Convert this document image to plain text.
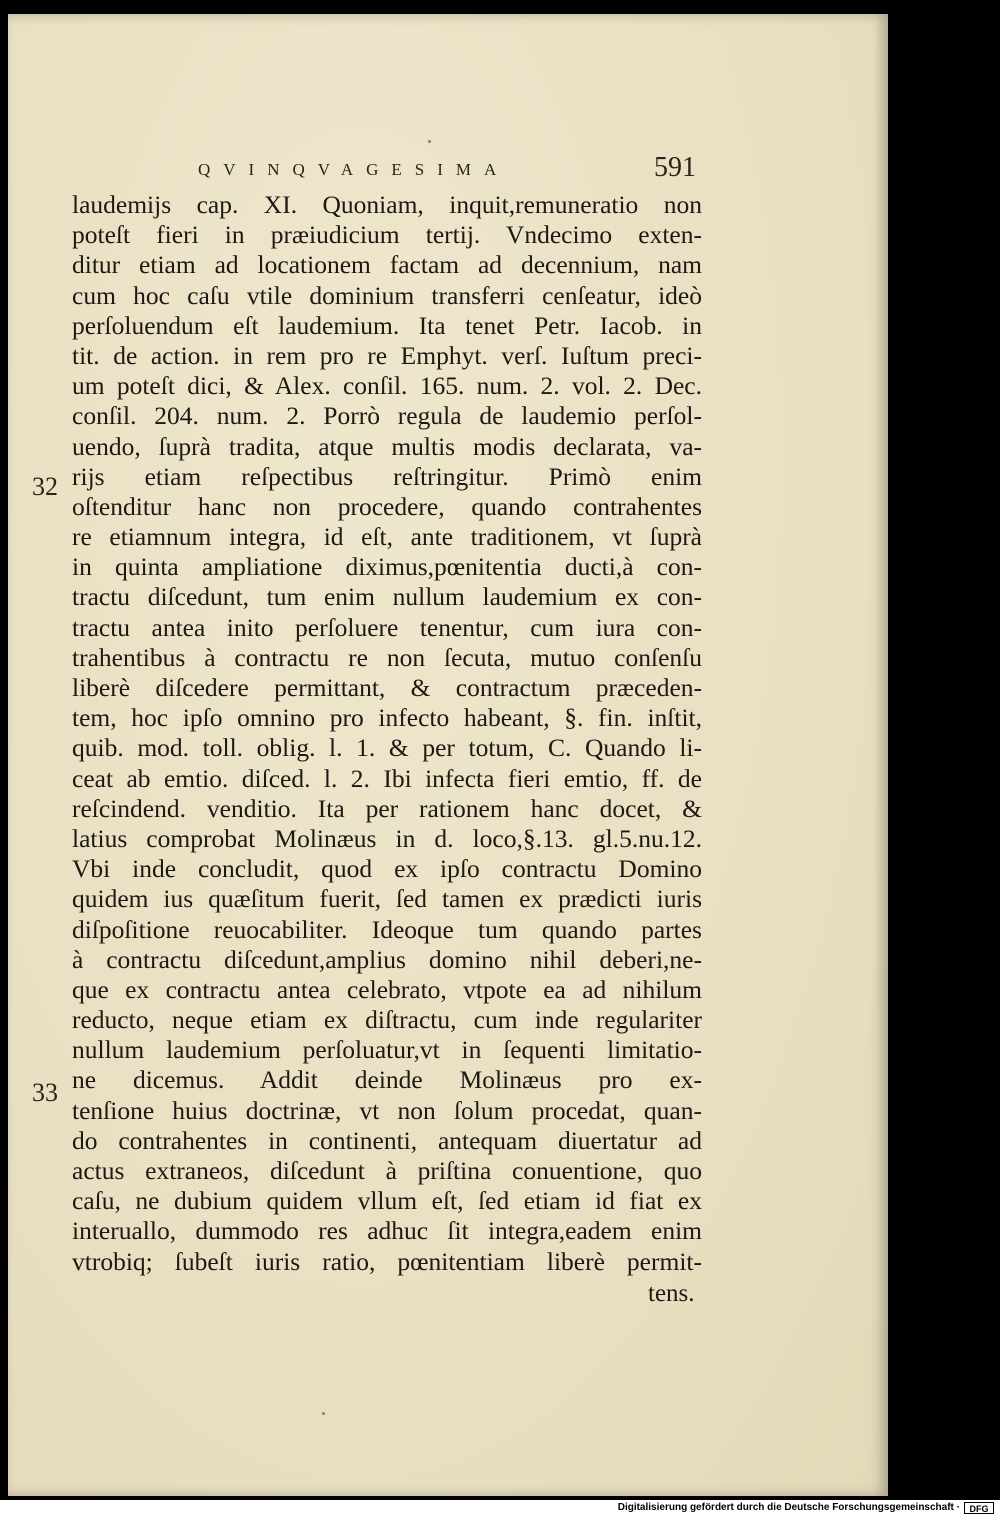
QVINQVAGESIMA	591
laudemijs cap. XI. Quoniam, inquit,remuneratio non
poteſt fieri in præiudicium tertij. Vndecimo exten-
ditur etiam ad locationem factam ad decennium, nam
cum hoc caſu vtile dominium transferri cenſeatur, ideò
perſoluendum eſt laudemium. Ita tenet Petr. Iacob. in
tit. de action. in rem pro re Emphyt. verſ. Iuſtum preci-
um poteſt dici, & Alex. conſil. 165. num. 2. vol. 2. Dec.
conſil. 204. num. 2. Porrò regula de laudemio perſol-
uendo, ſuprà tradita, atque multis modis declarata, va-
rijs etiam reſpectibus reſtringitur. Primò enim
oſtenditur hanc non procedere, quando contrahentes
re etiamnum integra, id eſt, ante traditionem, vt ſuprà
in quinta ampliatione diximus,pœnitentia ducti,à con-
tractu diſcedunt, tum enim nullum laudemium ex con-
tractu antea inito perſoluere tenentur, cum iura con-
trahentibus à contractu re non ſecuta, mutuo conſenſu
liberè diſcedere permittant, & contractum præceden-
tem, hoc ipſo omnino pro infecto habeant, §. fin. inſtit,
quib. mod. toll. oblig. l. 1. & per totum, C. Quando li-
ceat ab emtio. diſced. l. 2. Ibi infecta fieri emtio, ff. de
reſcindend. venditio. Ita per rationem hanc docet, &
latius comprobat Molinæus in d. loco,§.13. gl.5.nu.12.
Vbi inde concludit, quod ex ipſo contractu Domino
quidem ius quæſitum fuerit, ſed tamen ex prædicti iuris
diſpoſitione reuocabiliter. Ideoque tum quando partes
à contractu diſcedunt,amplius domino nihil deberi,ne-
que ex contractu antea celebrato, vtpote ea ad nihilum
reducto, neque etiam ex diſtractu, cum inde regulariter
nullum laudemium perſoluatur,vt in ſequenti limitatio-
ne dicemus. Addit deinde Molinæus pro ex-
tenſione huius doctrinæ, vt non ſolum procedat, quan-
do contrahentes in continenti, antequam diuertatur ad
actus extraneos, diſcedunt à priſtina conuentione, quo
caſu, ne dubium quidem vllum eſt, ſed etiam id fiat ex
interuallo, dummodo res adhuc ſit integra,eadem enim
vtrobiq; ſubeſt iuris ratio, pœnitentiam liberè permit-
32
33
tens.
Digitalisierung gefördert durch die Deutsche Forschungsgemeinschaft ·	DFG
